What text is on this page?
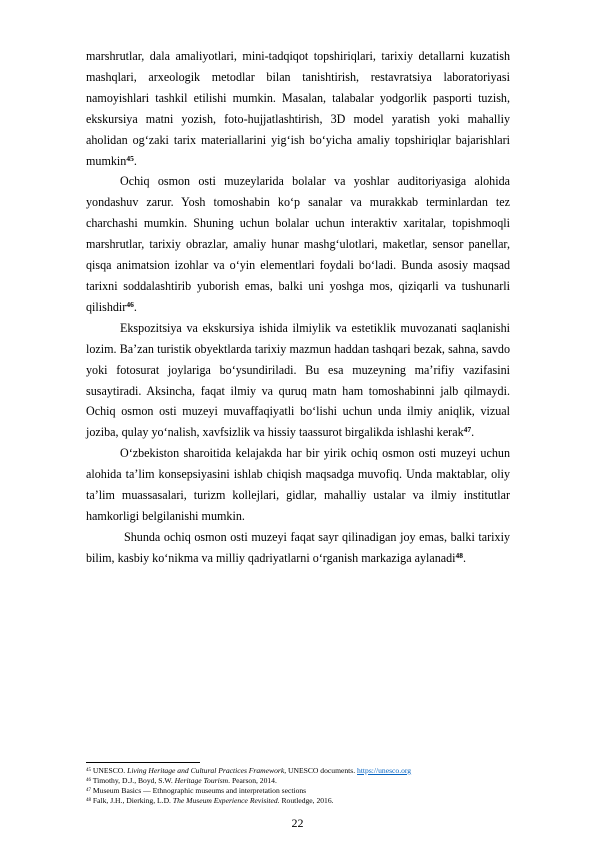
marshrutlar, dala amaliyotlari, mini-tadqiqot topshiriqlari, tarixiy detallarni kuzatish mashqlari, arxeologik metodlar bilan tanishtirish, restavratsiya laboratoriyasi namoyishlari tashkil etilishi mumkin. Masalan, talabalar yodgorlik pasporti tuzish, ekskursiya matni yozish, foto-hujjatlashtirish, 3D model yaratish yoki mahalliy aholidan og‘zaki tarix materiallarini yig‘ish bo‘yicha amaliy topshiriqlar bajarishlari mumkin$^{45}$.

Ochiq osmon osti muzeylarida bolalar va yoshlar auditoriyasiga alohida yondashuv zarur. Yosh tomoshabin ko‘p sanalar va murakkab terminlardan tez charchashi mumkin. Shuning uchun bolalar uchun interaktiv xaritalar, topishmoqli marshrutlar, tarixiy obrazlar, amaliy hunar mashg‘ulotlari, maketlar, sensor panellar, qisqa animatsion izohlar va o‘yin elementlari foydali bo‘ladi. Bunda asosiy maqsad tarixni soddalashtirib yuborish emas, balki uni yoshga mos, qiziqarli va tushunarli qilishdir$^{46}$.

Ekspozitsiya va ekskursiya ishida ilmiylik va estetiklik muvozanati saqlanishi lozim. Ba’zan turistik obyektlarda tarixiy mazmun haddan tashqari bezak, sahna, savdo yoki fotosurat joylariga bo‘ysundiriladi. Bu esa muzeyning ma’rifiy vazifasini susaytiradi. Aksincha, faqat ilmiy va quruq matn ham tomoshabinni jalb qilmaydi. Ochiq osmon osti muzeyi muvaffaqiyatli bo‘lishi uchun unda ilmiy aniqlik, vizual joziba, qulay yo‘nalish, xavfsizlik va hissiy taassurot birgalikda ishlashi kerak$^{47}$.

O‘zbekiston sharoitida kelajakda har bir yirik ochiq osmon osti muzeyi uchun alohida ta’lim konsepsiyasini ishlab chiqish maqsadga muvofiq. Unda maktablar, oliy ta’lim muassasalari, turizm kollejlari, gidlar, mahalliy ustalar va ilmiy institutlar hamkorligi belgilanishi mumkin.

Shunda ochiq osmon osti muzeyi faqat sayr qilinadigan joy emas, balki tarixiy bilim, kasbiy ko‘nikma va milliy qadriyatlarni o‘rganish markaziga aylanadi$^{48}$.

$^{45}$ UNESCO. Living Heritage and Cultural Practices Framework, UNESCO documents. https://unesco.org
$^{46}$ Timothy, D.J., Boyd, S.W. Heritage Tourism. Pearson, 2014.
$^{47}$ Museum Basics — Ethnographic museums and interpretation sections
$^{48}$ Falk, J.H., Dierking, L.D. The Museum Experience Revisited. Routledge, 2016.
22
